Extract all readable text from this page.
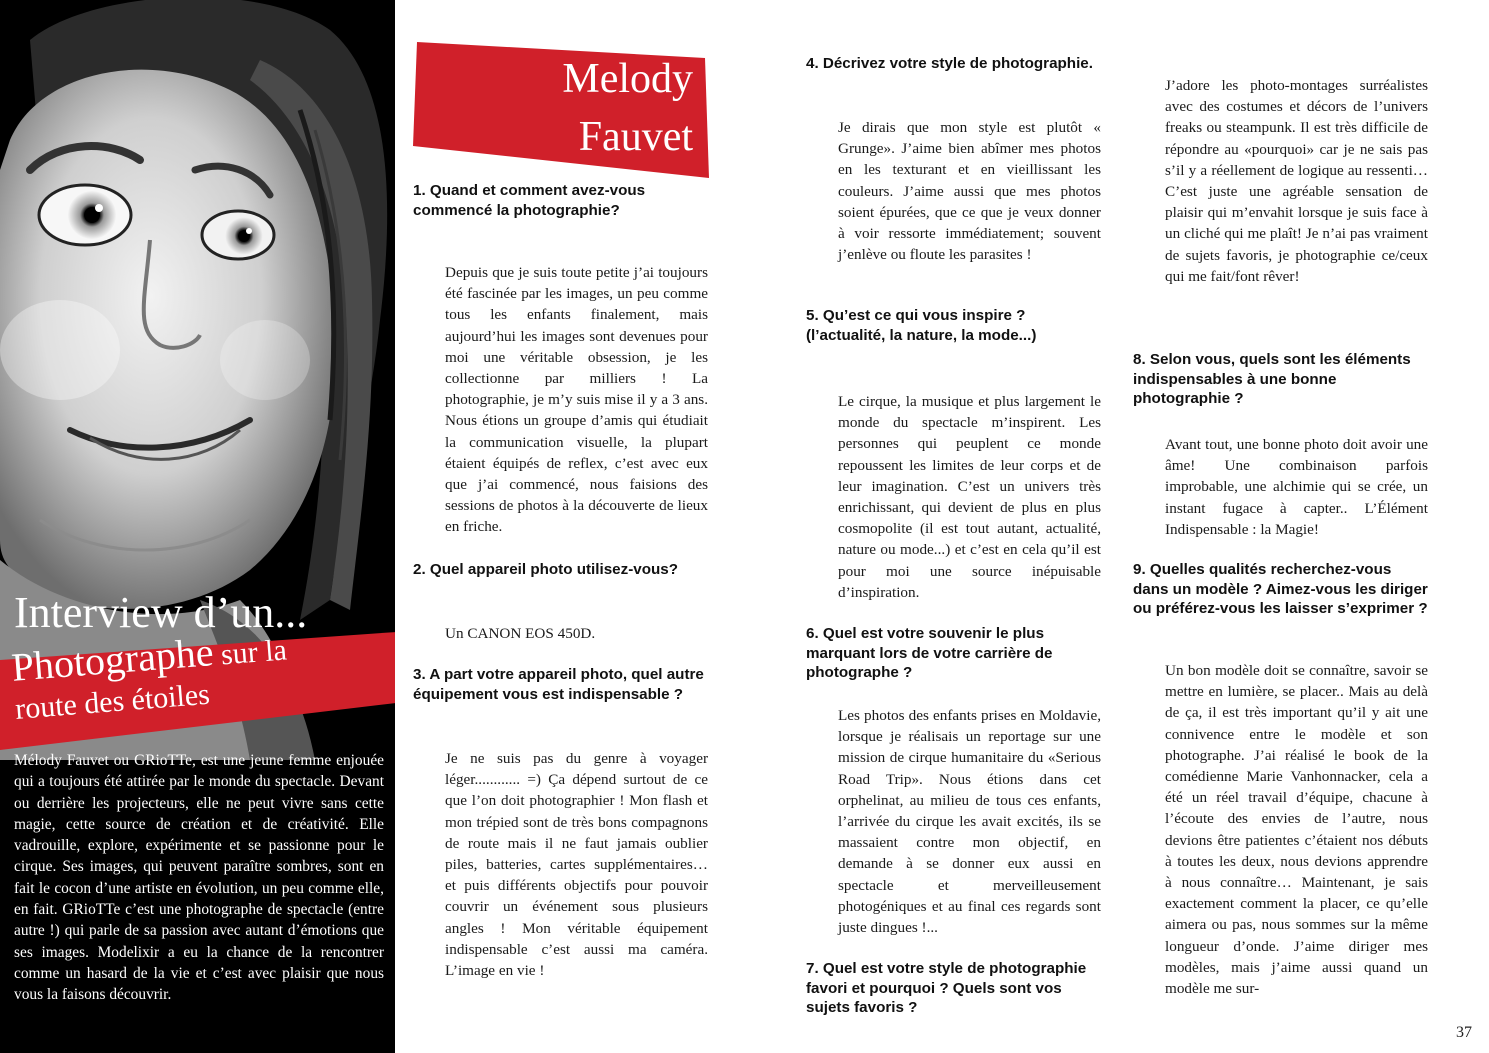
Interview d’un...
Photographe sur la
route des étoiles
Mélody Fauvet ou GRioTTe, est une jeune femme enjouée qui a toujours été attirée par le monde du spectacle. Devant ou derrière les projecteurs, elle ne peut vivre sans cette magie, cette source de création et de créativité. Elle vadrouille, explore, expérimente et se passionne pour le cirque. Ses images, qui peuvent paraître sombres, sont en fait le cocon d’une artiste en évolution, un peu comme elle, en fait. GRioTTe c’est une photographe de spectacle (entre autre !) qui parle de sa passion avec autant d’émotions que ses images. Modelixir a eu la chance de la rencontrer comme un hasard de la vie et c’est avec plaisir que nous vous la faisons découvrir.
Melody
Fauvet

1. Quand et comment avez-vous commencé la photographie?

Depuis que je suis toute petite j’ai toujours été fascinée par les images, un peu comme tous les enfants finalement, mais aujourd’hui les images sont devenues pour moi une véritable obsession, je les collectionne par milliers ! La photographie, je m’y suis mise il y a 3 ans. Nous étions un groupe d’amis qui étudiait la communication visuelle, la plupart étaient équipés de reflex, c’est avec eux que j’ai commencé, nous faisions des sessions de photos à la découverte de lieux en friche.

2. Quel appareil photo utilisez-vous?

Un CANON EOS 450D.

3. A part votre appareil photo, quel autre équipement vous est indispensable ?

Je ne suis pas du genre à voyager léger............ =) Ça dépend surtout de ce que l’on doit photographier ! Mon flash et mon trépied sont de très bons compagnons de route mais il ne faut jamais oublier piles, batteries, cartes supplémentaires… et puis différents objectifs pour pouvoir couvrir un événement sous plusieurs angles ! Mon véritable équipement indispensable c’est aussi ma caméra. L’image en vie !

4. Décrivez votre style de photographie.

Je dirais que mon style est plutôt « Grunge». J’aime bien abîmer mes photos en les texturant et en vieillissant les couleurs. J’aime aussi que mes photos soient épurées, que ce que je veux donner à voir ressorte immédiatement; souvent j’enlève ou floute les parasites !

5. Qu’est ce qui vous inspire ? (l’actualité, la nature, la mode...)

Le cirque, la musique et plus largement le monde du spectacle m’inspirent. Les personnes qui peuplent ce monde repoussent les limites de leur corps et de leur imagination. C’est un univers très enrichissant, qui devient de plus en plus cosmopolite (il est tout autant, actualité, nature ou mode...) et c’est en cela qu’il est pour moi une source inépuisable d’inspiration.

6. Quel est votre souvenir le plus marquant lors de votre carrière de photographe ?

Les photos des enfants prises en Moldavie, lorsque je réalisais un reportage sur une mission de cirque humanitaire du «Serious Road Trip». Nous étions dans cet orphelinat, au milieu de tous ces enfants, l’arrivée du cirque les avait excités, ils se massaient contre mon objectif, en demande à se donner eux aussi en spectacle et merveilleusement photogéniques et au final ces regards sont juste dingues !...

7. Quel est votre style de photographie favori et pourquoi ? Quels sont vos sujets favoris ?

J’adore les photo-montages surréalistes avec des costumes et décors de l’univers freaks ou steampunk. Il est très difficile de répondre au «pourquoi» car je ne sais pas s’il y a réellement de logique au ressenti… C’est juste une agréable sensation de plaisir qui m’envahit lorsque je suis face à un cliché qui me plaît! Je n’ai pas vraiment de sujets favoris, je photographie ce/ceux qui me fait/font rêver!

8. Selon vous, quels sont les éléments indispensables à une bonne photographie ?

Avant tout, une bonne photo doit avoir une âme! Une combinaison parfois improbable, une alchimie qui se crée, un instant fugace à capter.. L’Élément Indispensable : la Magie!

9. Quelles qualités recherchez-vous dans un modèle ? Aimez-vous les diriger ou préférez-vous les laisser s’exprimer ?

Un bon modèle doit se connaître, savoir se mettre en lumière, se placer.. Mais au delà de ça, il est très important qu’il y ait une connivence entre le modèle et son photographe. J’ai réalisé le book de la comédienne Marie Vanhonnacker, cela a été un réel travail d’équipe, chacune à l’écoute des envies de l’autre, nous devions être patientes c’étaient nos débuts à toutes les deux, nous devions apprendre à nous connaître… Maintenant, je sais exactement comment la placer, ce qu’elle aimera ou pas, nous sommes sur la même longueur d’onde. J’aime diriger mes modèles, mais j’aime aussi quand un modèle me sur-

37
